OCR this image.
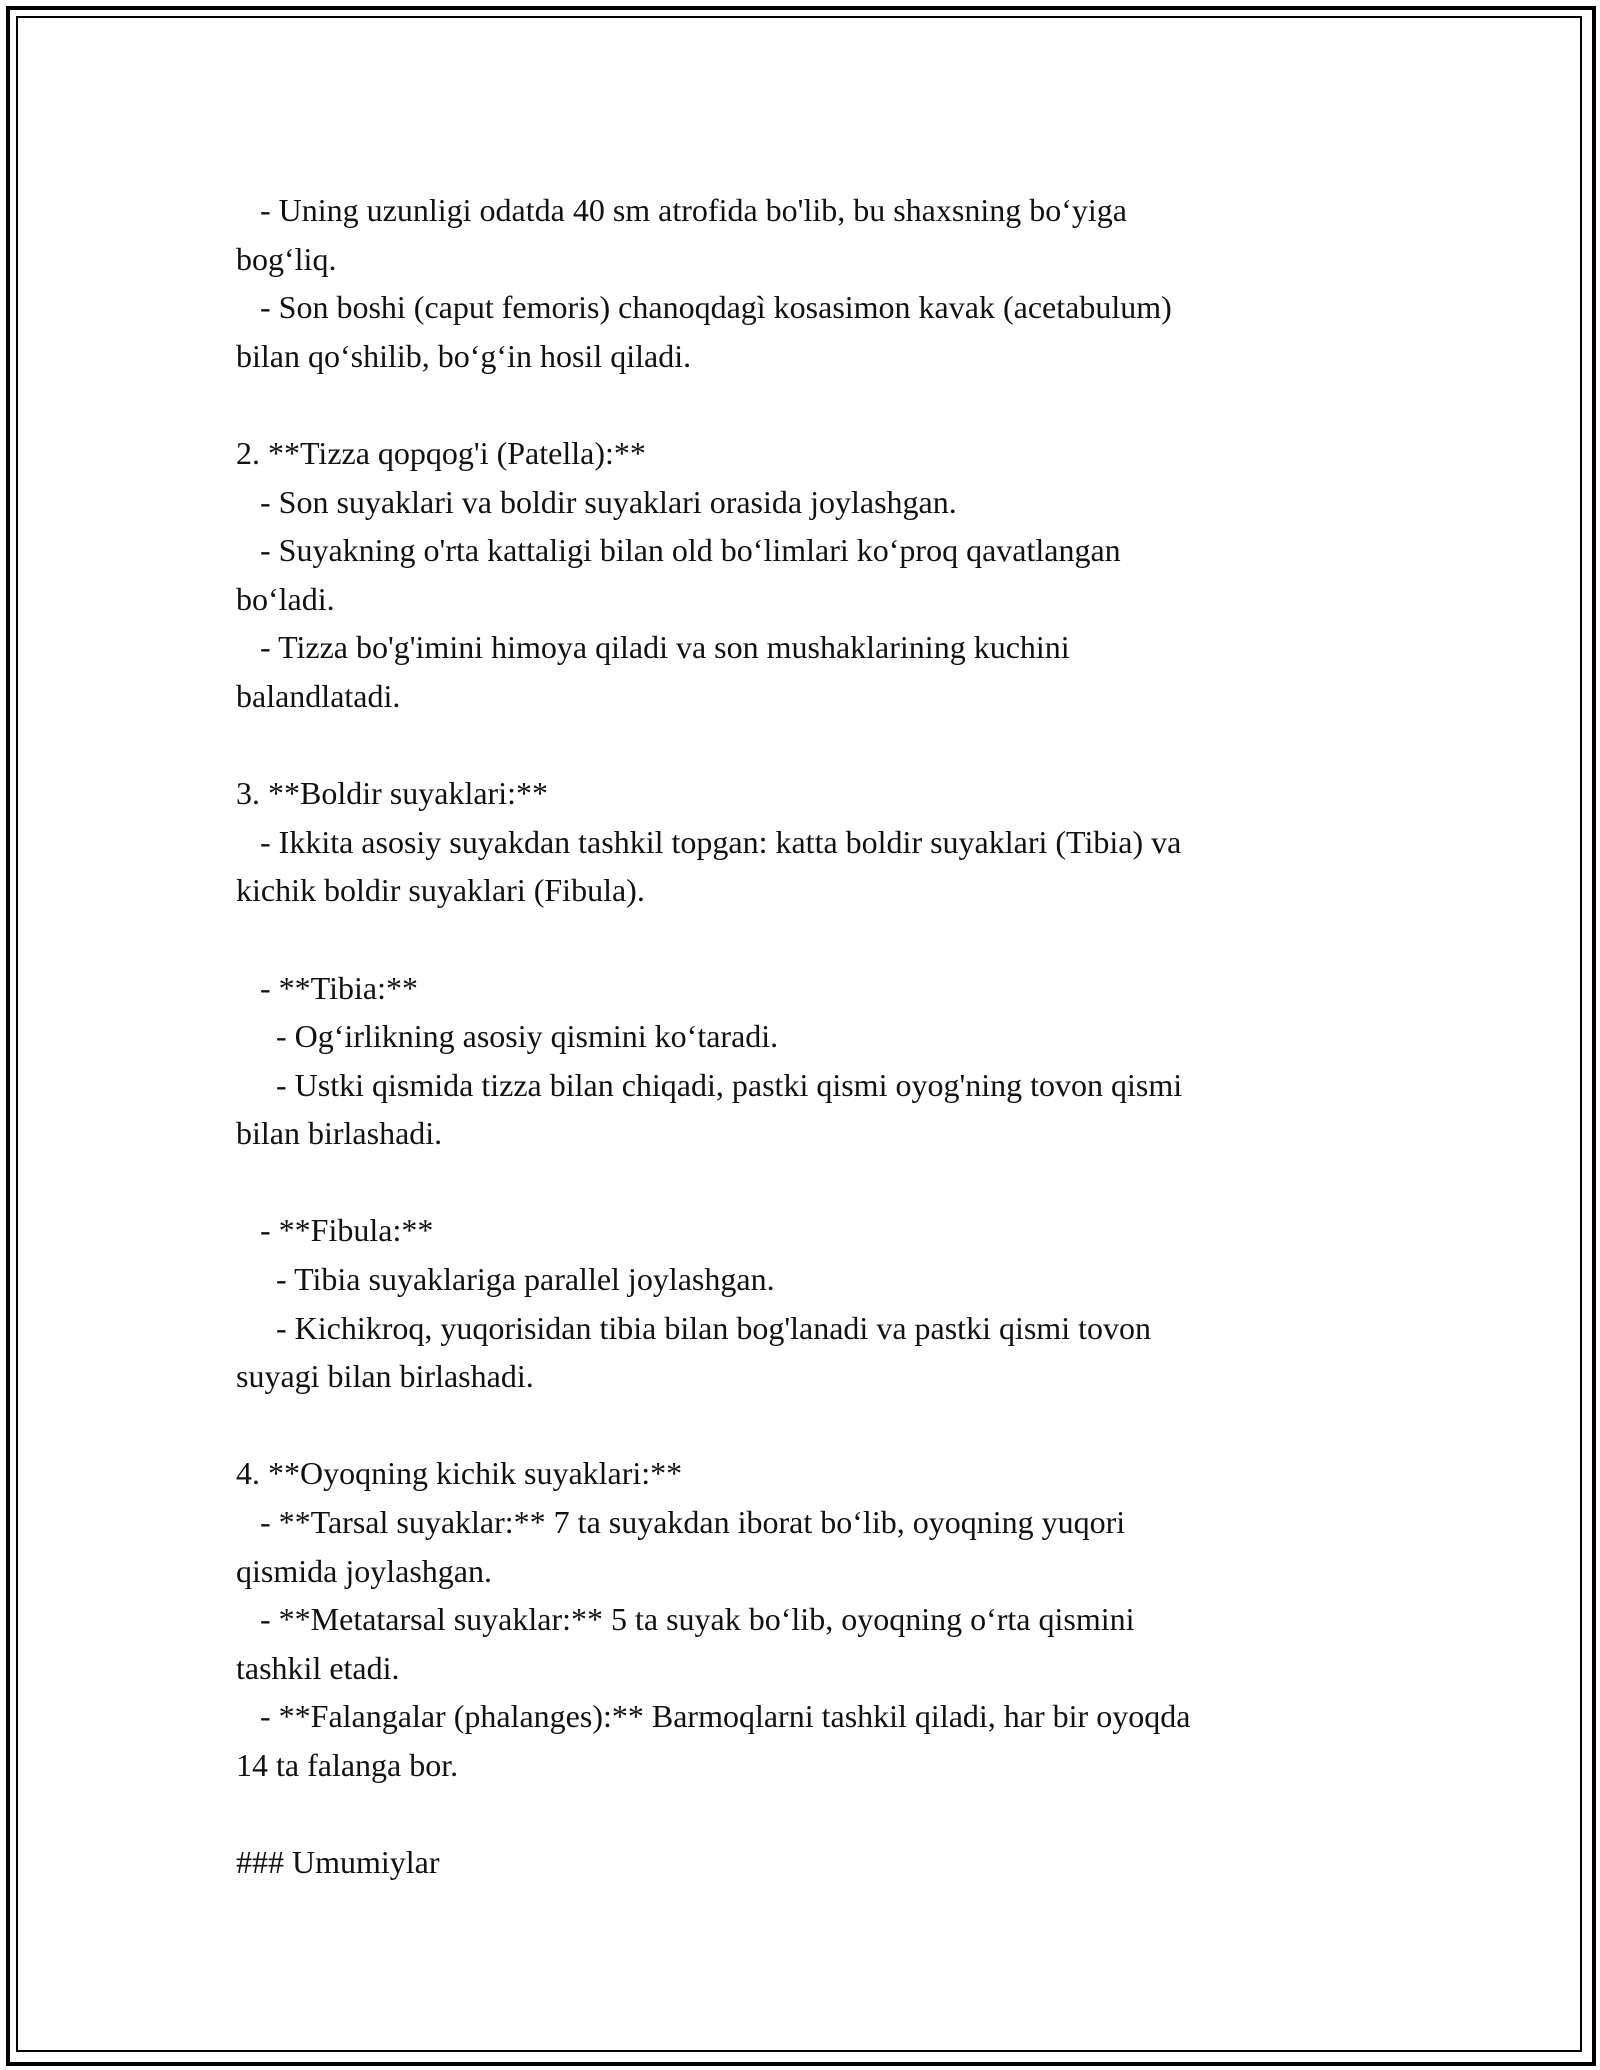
- Uning uzunligi odatda 40 sm atrofida bo'lib, bu shaxsning bo‘yiga
bog‘liq.
- Son boshi (caput femoris) chanoqdagì kosasimon kavak (acetabulum)
bilan qo‘shilib, bo‘g‘in hosil qiladi.
2. **Tizza qopqog'i (Patella):**
- Son suyaklari va boldir suyaklari orasida joylashgan.
- Suyakning o'rta kattaligi bilan old bo‘limlari ko‘proq qavatlangan
bo‘ladi.
- Tizza bo'g'imini himoya qiladi va son mushaklarining kuchini
balandlatadi.
3. **Boldir suyaklari:**
- Ikkita asosiy suyakdan tashkil topgan: katta boldir suyaklari (Tibia) va
kichik boldir suyaklari (Fibula).
- **Tibia:**
- Og‘irlikning asosiy qismini ko‘taradi.
- Ustki qismida tizza bilan chiqadi, pastki qismi oyog'ning tovon qismi
bilan birlashadi.
- **Fibula:**
- Tibia suyaklariga parallel joylashgan.
- Kichikroq, yuqorisidan tibia bilan bog'lanadi va pastki qismi tovon
suyagi bilan birlashadi.
4. **Oyoqning kichik suyaklari:**
- **Tarsal suyaklar:** 7 ta suyakdan iborat bo‘lib, oyoqning yuqori
qismida joylashgan.
- **Metatarsal suyaklar:** 5 ta suyak bo‘lib, oyoqning o‘rta qismini
tashkil etadi.
- **Falangalar (phalanges):** Barmoqlarni tashkil qiladi, har bir oyoqda
14 ta falanga bor.
### Umumiylar
